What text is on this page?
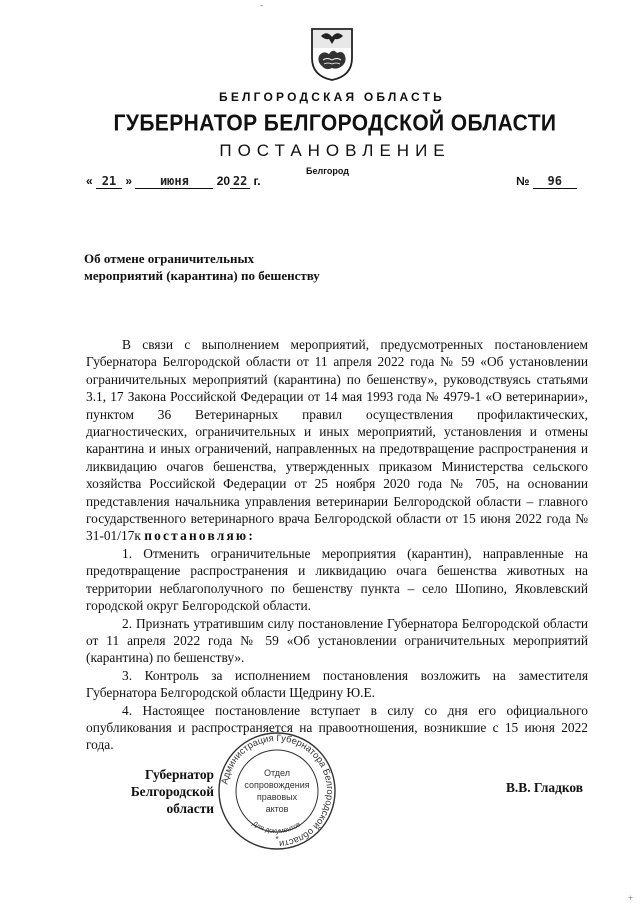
-
БЕЛГОРОДСКАЯ ОБЛАСТЬ
ГУБЕРНАТОР БЕЛГОРОДСКОЙ ОБЛАСТИ
ПОСТАНОВЛЕНИЕ
Белгород
« 21 » июня 20 22 г.	№ 96
Об отмене ограничительных
мероприятий (карантина) по бешенству

В связи с выполнением мероприятий, предусмотренных постановлением Губернатора Белгородской области от 11 апреля 2022 года № 59 «Об установлении ограничительных мероприятий (карантина) по бешенству», руководствуясь статьями 3.1, 17 Закона Российской Федерации от 14 мая 1993 года № 4979-1 «О ветеринарии», пунктом 36 Ветеринарных правил осуществления профилактических, диагностических, ограничительных и иных мероприятий, установления и отмены карантина и иных ограничений, направленных на предотвращение распространения и ликвидацию очагов бешенства, утвержденных приказом Министерства сельского хозяйства Российской Федерации от 25 ноября 2020 года № 705, на основании представления начальника управления ветеринарии Белгородской области – главного государственного ветеринарного врача Белгородской области от 15 июня 2022 года № 31-01/17к постановляю:

1. Отменить ограничительные мероприятия (карантин), направленные на предотвращение распространения и ликвидацию очага бешенства животных на территории неблагополучного по бешенству пункта – село Шопино, Яковлевский городской округ Белгородской области.

2. Признать утратившим силу постановление Губернатора Белгородской области от 11 апреля 2022 года № 59 «Об установлении ограничительных мероприятий (карантина) по бешенству».

3. Контроль за исполнением постановления возложить на заместителя Губернатора Белгородской области Щедрину Ю.Е.

4. Настоящее постановление вступает в силу со дня его официального опубликования и распространяется на правоотношения, возникшие с 15 июня 2022 года.

Администрация Губернатора Белгородской области
Отдел
сопровождения
правовых
актов
Для документов
*
Губернатор
Белгородской области
В.В. Гладков
+
